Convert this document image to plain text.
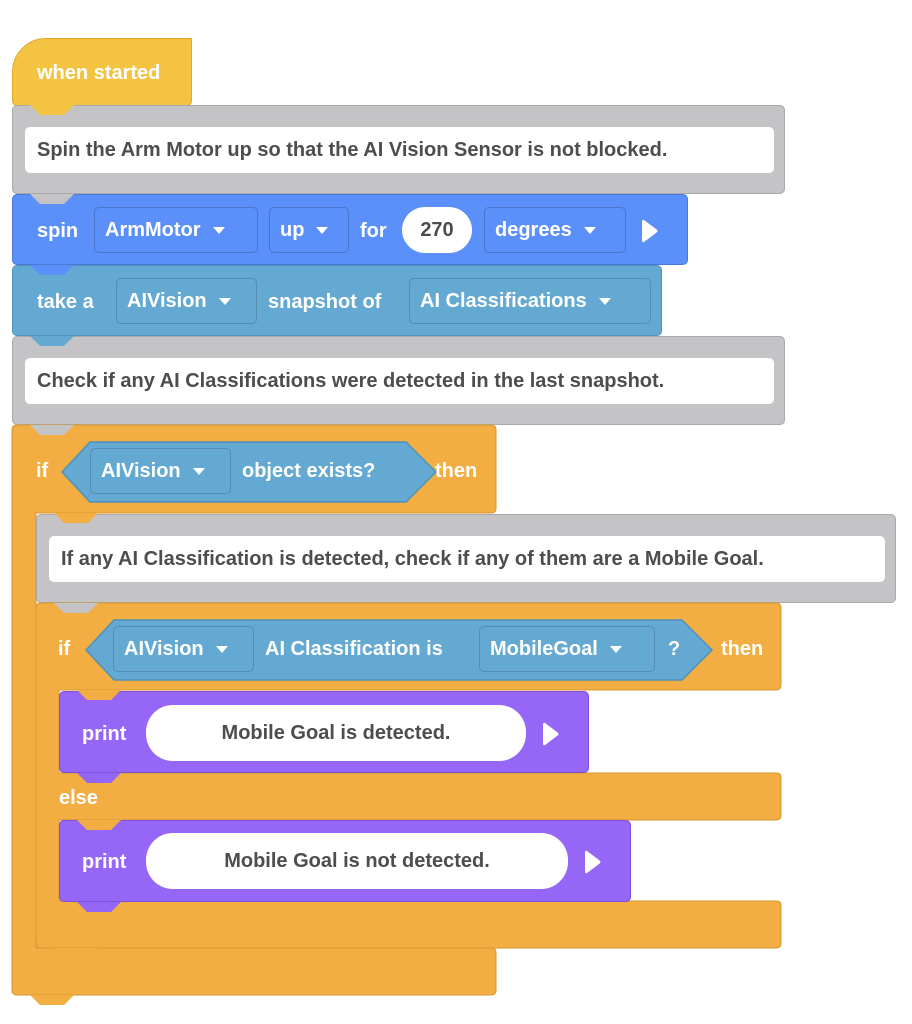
when started
Spin the Arm Motor up so that the AI Vision Sensor is not blocked.
spin ArmMotor	up	for	270	degrees
take a AIVision	snapshot of AI Classifications
Check if any AI Classifications were detected in the last snapshot.
if	AIVision	object exists?	then
If any AI Classification is detected, check if any of them are a Mobile Goal.
if	AIVision	AI Classification is MobileGoal	? then
print	Mobile Goal is detected.
else
print	Mobile Goal is not detected.
